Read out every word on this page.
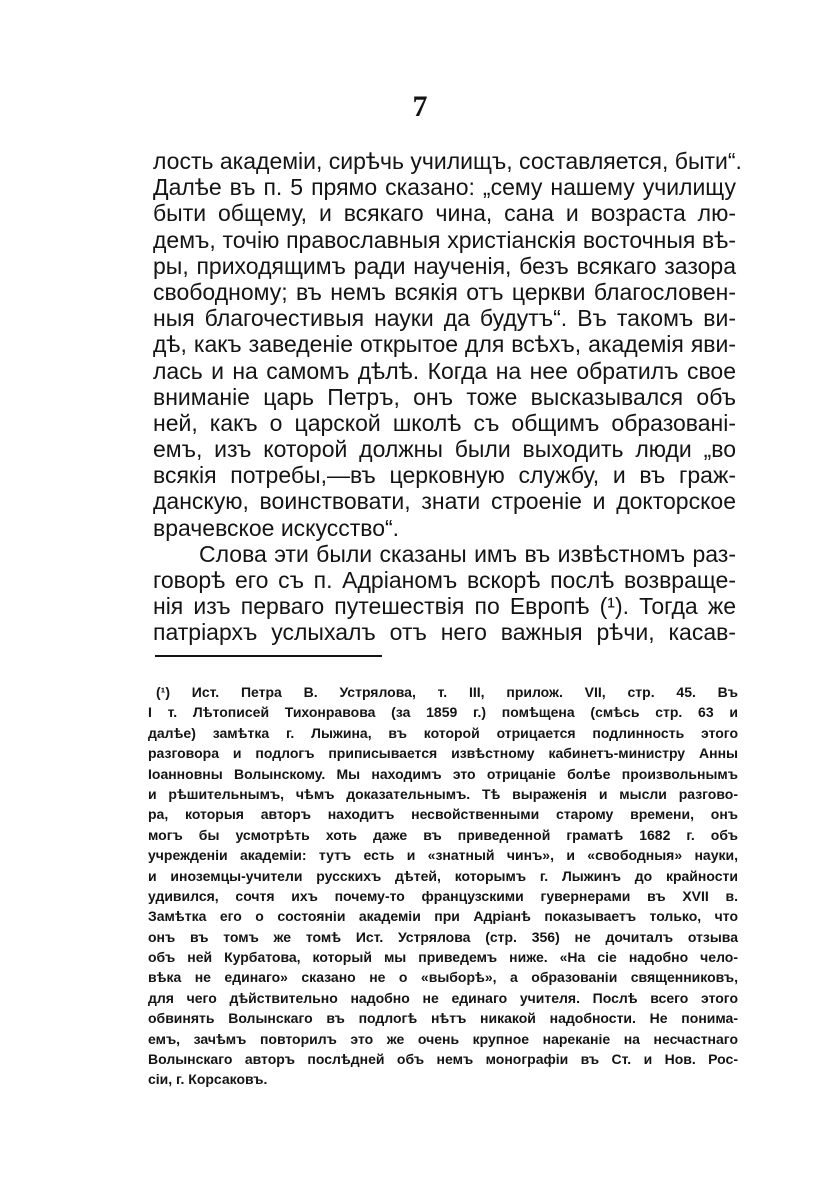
7
лость академіи, сирѣчь училищъ, составляется, быти“.
Далѣе въ п. 5 прямо сказано: „сему нашему училищу
быти общему, и всякаго чина, сана и возраста лю-
демъ, точію православныя христіанскія восточныя вѣ-
ры, приходящимъ ради наученія, безъ всякаго зазора
свободному; въ немъ всякія отъ церкви благословен-
ныя благочестивыя науки да будутъ“. Въ такомъ ви-
дѣ, какъ заведеніе открытое для всѣхъ, академія яви-
лась и на самомъ дѣлѣ. Когда на нее обратилъ свое
вниманіе царь Петръ, онъ тоже высказывался объ
ней, какъ о царской школѣ съ общимъ образовані-
емъ, изъ которой должны были выходить люди „во
всякія потребы,—въ церковную службу, и въ граж-
данскую, воинствовати, знати строеніе и докторское
врачевское искусство“.
Слова эти были сказаны имъ въ извѣстномъ раз-
говорѣ его съ п. Адріаномъ вскорѣ послѣ возвраще-
нія изъ перваго путешествія по Европѣ (¹). Тогда же
патріархъ услыхалъ отъ него важныя рѣчи, касав-
(¹) Ист. Петра В. Устрялова, т. III, прилож. VII, стр. 45. Въ
I т. Лѣтописей Тихонравова (за 1859 г.) помѣщена (смѣсь стр. 63 и
далѣе) замѣтка г. Лыжина, въ которой отрицается подлинность этого
разговора и подлогъ приписывается извѣстному кабинетъ-министру Анны
Іоанновны Волынскому. Мы находимъ это отрицаніе болѣе произвольнымъ
и рѣшительнымъ, чѣмъ доказательнымъ. Тѣ выраженія и мысли разгово-
ра, которыя авторъ находитъ несвойственными старому времени, онъ
могъ бы усмотрѣть хоть даже въ приведенной граматѣ 1682 г. объ
учрежденіи академіи: тутъ есть и «знатный чинъ», и «свободныя» науки,
и иноземцы-учители русскихъ дѣтей, которымъ г. Лыжинъ до крайности
удивился, сочтя ихъ почему-то французскими гувернерами въ XVII в.
Замѣтка его о состояніи академіи при Адріанѣ показываетъ только, что
онъ въ томъ же томѣ Ист. Устрялова (стр. 356) не дочиталъ отзыва
объ ней Курбатова, который мы приведемъ ниже. «На сіе надобно чело-
вѣка не единаго» сказано не о «выборѣ», а образованіи священниковъ,
для чего дѣйствительно надобно не единаго учителя. Послѣ всего этого
обвинять Волынскаго въ подлогѣ нѣтъ никакой надобности. Не понима-
емъ, зачѣмъ повторилъ это же очень крупное нареканіе на несчастнаго
Волынскаго авторъ послѣдней объ немъ монографіи въ Ст. и Нов. Рос-
сіи, г. Корсаковъ.
